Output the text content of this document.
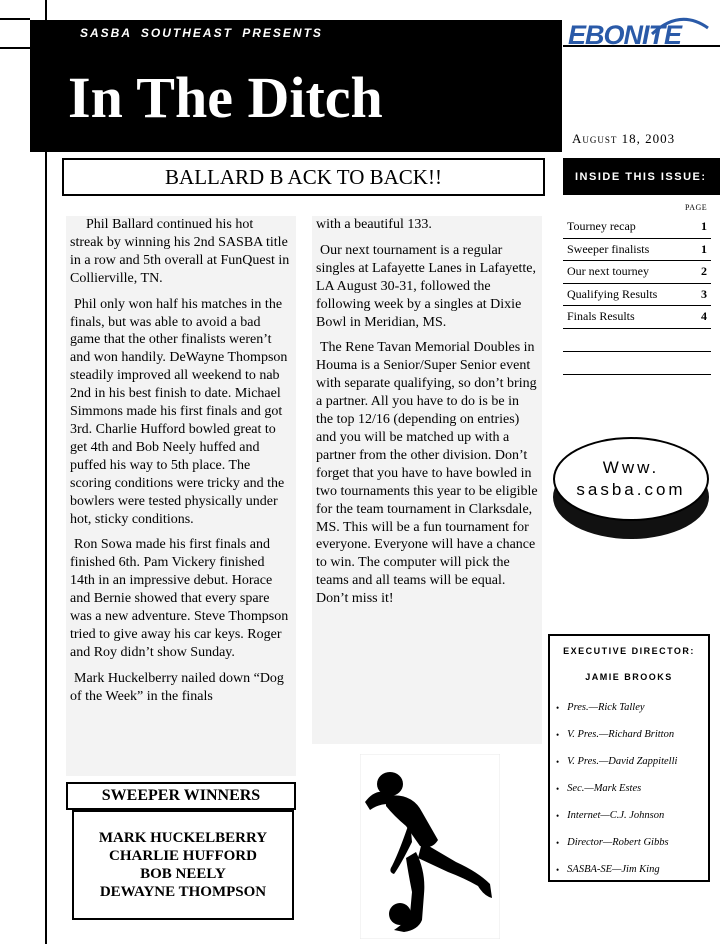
SASBA SOUTHEAST PRESENTS
In The Ditch
EBONITE
August 18, 2003
BALLARD B ACK TO BACK!!

Phil Ballard continued his hot streak by winning his 2nd SASBA title in a row and 5th overall at FunQuest in Collierville, TN.

Phil only won half his matches in the finals, but was able to avoid a bad game that the other finalists weren’t and won handily. DeWayne Thompson steadily improved all weekend to nab 2nd in his best finish to date. Michael Simmons made his first finals and got 3rd. Charlie Hufford bowled great to get 4th and Bob Neely huffed and puffed his way to 5th place. The scoring conditions were tricky and the bowlers were tested physically under hot, sticky conditions.

Ron Sowa made his first finals and finished 6th. Pam Vickery finished 14th in an impressive debut. Horace and Bernie showed that every spare was a new adventure. Steve Thompson tried to give away his car keys. Roger and Roy didn’t show Sunday.

Mark Huckelberry nailed down “Dog of the Week” in the finals

with a beautiful 133.

Our next tournament is a regular singles at Lafayette Lanes in Lafayette, LA August 30-31, followed the following week by a singles at Dixie Bowl in Meridian, MS.

The Rene Tavan Memorial Doubles in Houma is a Senior/Super Senior event with separate qualifying, so don’t bring a partner. All you have to do is be in the top 12/16 (depending on entries) and you will be matched up with a partner from the other division. Don’t forget that you have to have bowled in two tournaments this year to be eligible for the team tournament in Clarksdale, MS. This will be a fun tournament for everyone. Everyone will have a chance to win. The computer will pick the teams and all teams will be equal. Don’t miss it!

INSIDE THIS ISSUE:
PAGE
Tourney recap	1
Sweeper finalists	1
Our next tourney	2
Qualifying Results	3
Finals Results	4
Www.
sasba.com
EXECUTIVE DIRECTOR:
JAMIE BROOKS
• Pres.—Rick Talley
• V. Pres.—Richard Britton
• V. Pres.—David Zappitelli
• Sec.—Mark Estes
• Internet—C.J. Johnson
• Director—Robert Gibbs
• SASBA-SE—Jim King
SWEEPER WINNERS
MARK HUCKELBERRY
CHARLIE HUFFORD
BOB NEELY
DEWAYNE THOMPSON
